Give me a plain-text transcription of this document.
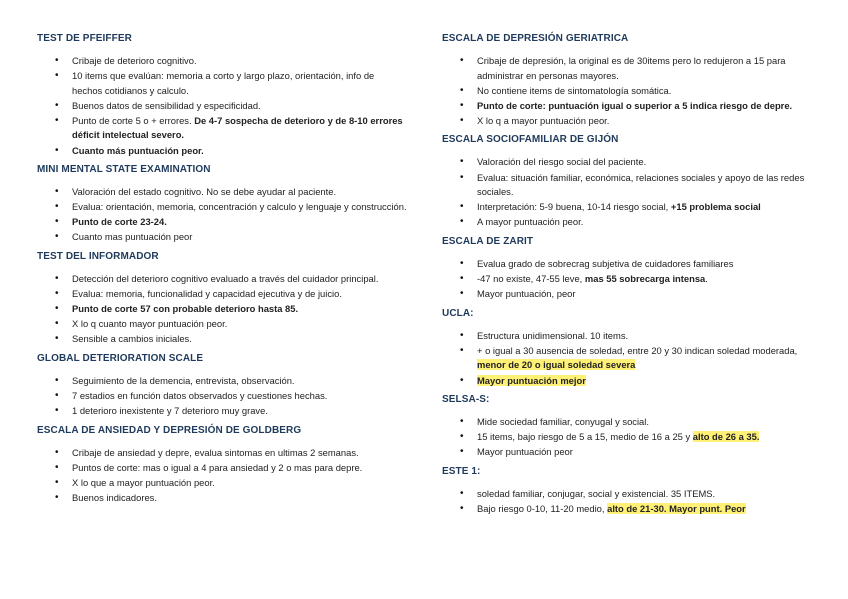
TEST DE PFEIFFER
• Cribaje de deterioro cognitivo.
• 10 items que evalúan: memoria a corto y largo plazo, orientación, info de hechos cotidianos y calculo.
• Buenos datos de sensibilidad y especificidad.
• Punto de corte 5 o + errores. De 4-7 sospecha de deterioro y de 8-10 errores déficit intelectual severo.
• Cuanto más puntuación peor.
MINI MENTAL STATE EXAMINATION
• Valoración del estado cognitivo. No se debe ayudar al paciente.
• Evalua: orientación, memoria, concentración y calculo y lenguaje y construcción.
• Punto de corte 23-24.
• Cuanto mas puntuación peor
TEST DEL INFORMADOR
• Detección del deterioro cognitivo evaluado a través del cuidador principal.
• Evalua: memoria, funcionalidad y capacidad ejecutiva y de juicio.
• Punto de corte 57 con probable deterioro hasta 85.
• X lo q cuanto mayor puntuación peor.
• Sensible a cambios iniciales.
GLOBAL DETERIORATION SCALE
• Seguimiento de la demencia, entrevista, observación.
• 7 estadios en función datos observados y cuestiones hechas.
• 1 deterioro inexistente y 7 deterioro muy grave.
ESCALA DE ANSIEDAD Y DEPRESIÓN DE GOLDBERG
• Cribaje de ansiedad y depre, evalua sintomas en ultimas 2 semanas.
• Puntos de corte: mas o igual a 4 para ansiedad y 2 o mas para depre.
• X lo que a mayor puntuación peor.
• Buenos indicadores.
ESCALA DE DEPRESIÓN GERIATRICA
• Cribaje de depresión, la original es de 30items pero lo redujeron a 15 para administrar en personas mayores.
• No contiene items de sintomatología somática.
• Punto de corte: puntuación igual o superior a 5 indica riesgo de depre.
• X lo q a mayor puntuación peor.
ESCALA SOCIOFAMILIAR DE GIJÓN
• Valoración del riesgo social del paciente.
• Evalua: situación familiar, económica, relaciones sociales y apoyo de las redes sociales.
• Interpretación: 5-9 buena, 10-14 riesgo social, +15 problema social
• A mayor puntuación peor.
ESCALA DE ZARIT
• Evalua grado de sobrecrag subjetiva de cuidadores familiares
• -47 no existe, 47-55 leve, mas 55 sobrecarga intensa.
• Mayor puntuación, peor
UCLA:
• Estructura unidimensional. 10 items.
• + o igual a 30 ausencia de soledad, entre 20 y 30 indican soledad moderada, menor de 20 o igual soledad severa
• Mayor puntuación mejor
SELSA-S:
• Mide sociedad familiar, conyugal y social.
• 15 items, bajo riesgo de 5 a 15, medio de 16 a 25 y alto de 26 a 35.
• Mayor puntuación peor
ESTE 1:
• soledad familiar, conjugar, social y existencial. 35 ITEMS.
• Bajo riesgo 0-10, 11-20 medio, alto de 21-30. Mayor punt. Peor
